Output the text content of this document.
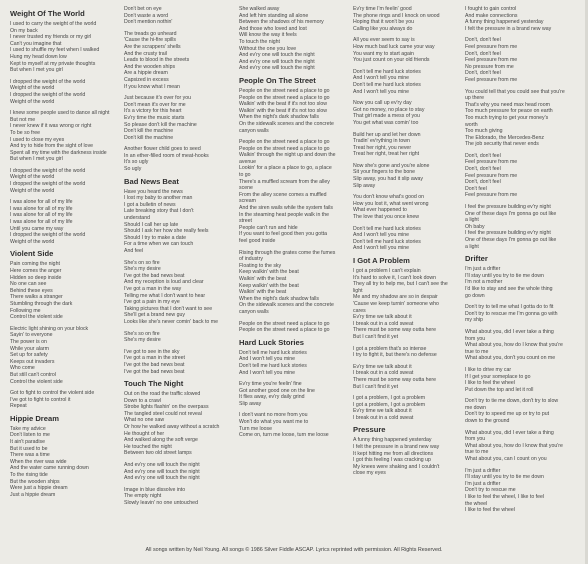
Weight Of The World
I used to carry the weight of the world
On my back
I never trusted my friends or my girl
Can't you imagine that
I used to shuffle my feet when I walked
Hung my head down low
Kept to myself at my private thoughts
But when I met you girl
I dropped the weight of the world
Weight of the world
I dropped the weight of the world
Weight of the world
I knew some people used to dance all night
But not me
I never knew if it was wrong or right
To be so free
I used to close my eyes
And try to hide from the sight of love
Spent all my time with the darkness inside
But when I met you girl
I dropped the weight of the world
Weight of the world
I dropped the weight of the world
Weight of the world
I was alone for all of my life
I was alone for all of my life
I was alone for all of my life
I was alone for all of my life
Until you came my way
I dropped the weight of the world
Weight of the world
Violent Side
Pain coming the night
Here comes the anger
Hidden so deep inside
No one can see
Behind these eyes
There walks a stranger
Stumbling through the dark
Following me
Control the violent side
Electric light shining on your block
Sayin' to everyone
The power is on
While your alarm
Set up for safety
Keeps out invaders
Who come
But still can't control
Control the violent side
Got to fight to control the violent side
I've got to fight to control it
Repeat
Hippie Dream
Take my advice
Don't listen to me
It ain't paradise
But it used to be
There was a time
When the river was wide
And the water came running down
To the rising tide
But the wooden ships
Were just a hippie dream
Just a hippie dream
Don't bet on eye
Don't waste a word
Don't mention nothin'
The treads go unheard
'Cause the hi-fire spills
Are the scrappers' shells
And the crusty trail
Leads to blood in the streets
And the wooden ships
Are a hippie dream
Capsized in excess
If you know what I mean
Just because it's over for you
Don't mean it's over for me
It's a victory for this heart
Ev'ry time the music starts
So please don't kill the machine
Don't kill the machine
Don't kill the machine
Another flower child goes to seed
In an ether-filled room of meat-hooks
It's so ugly
So ugly
Bad News Beat
Have you heard the news
I lost my baby to another man
I got a bulletin of news
Late breaking story that I don't
understand
Should I call her up late
Should I ask her how she really feels
Should I try to make a date
For a time when we can touch
And feel
She's on so fire
She's my desire
I've got the bad news beat
And my reception is loud and clear
I've got a man in the way
Telling me what I don't want to hear
I've got a pain in my eye
Taking pictures that I don't want to see
She'll get a brand new guy
Looks like she's never comin' back to me
She's so on fire
She's my desire
I've got to see in the sky
I've got a man in the street
I've got the bad news beat
I've got the bad news beat
Touch The Night
Out on the road the traffic slowed
Down to a crawl
Strobe lights flashin' on the overpass
The tangled steel could not reveal
What no one saw
Or how he walked away without a scratch
He thought of her
And walked along the soft verge
He touched the night
Between two old street lamps
And ev'ry one will touch the night
And ev'ry one will touch the night
And ev'ry one will touch the night
Image in blue dissolve into
The empty night
Slowly leavin' no one untouched
She walked away
And left him standing all alone
Between the shadows of his memory
And those who loved and lost
Will know the way it feels
To touch the night
Without the one you love
And ev'ry one will touch the night
And ev'ry one will touch the night
And ev'ry one will touch the night
People On The Street
People on the street need a place to go
People on the street need a place to go
Walkin' with the beat if it's not too slow
Walkin' with the beat if it's not too slow
When the night's dark shadow falls
On the sidewalk scenes and the concrete
canyon walls
People on the street need a place to go
People on the street need a place to go
Walkin' through the night up and down the
avenue
Lookin' for a place a place to go, a place
to go
There's a muffled scream from the alley
scene
From the alley scene comes a muffled
scream
And the siren wails while the system fails
In the steaming heat people walk in the
street
People can't run and hide
If you want to feel good then you gotta
feel good inside
Rising through the grates come the fumes
of industry
Floating to the sky
Keep walkin' with the beat
Walkin' with the beat
Keep walkin' with the beat
Walkin' with the beat
When the night's dark shadow falls
On the sidewalk scenes and the concrete
canyon walls
People on the street need a place to go
People on the street need a place to go
Hard Luck Stories
Don't tell me hard luck stories
And I won't tell you mine
Don't tell me hard luck stories
And I won't tell you mine
Ev'ry time you're feelin' fine
Got another good one on the line
It flies away, ev'ry daily grind
Slip away
I don't want no more from you
Won't do what you want me to
Turn me loose
Come on, turn me loose, turn me loose
Ev'ry time I'm feelin' good
The phone rings and I knock on wood
Hoping that it won't be you
Calling like you always do
All you ever seem to say is
How much bad luck came your way
You want my to start again
You just count on your old friends
Don't tell me hard luck stories
And I won't tell you mine
Don't tell me hard luck stories
And I won't tell you mine
Now you call up ev'ry day
Got no money, no place to stay
That girl made a mess of you
You get what was comin' too
Build her up and let her down
Tradin' ev'rything in town
Treat her right, you never
Treat her right, treat her right
Now she's gone and you're alone
Sit your fingers to the bone
Slip away, you had it slip away
Slip away
You don't know what's good on
How you lost it, what went wrong
What ever happened to
The love that you once knew
Don't tell me hard luck stories
And I won't tell you mine
Don't tell me hard luck stories
And I won't tell you mine
I Got A Problem
I got a problem I can't explain
It's hard to solve it, I can't look down
They all try to help me, but I can't see the
light
Me and my shadow are so in despair
'Cause we keep turnin' someone who
cares
Ev'ry time we talk about it
I break out in a cold sweat
There must be some way outta here
But I can't find it yet
I got a problem that's so intense
I try to fight it, but there's no defense
Ev'ry time we talk about it
I break out in a cold sweat
There must be some way outta here
But I can't find it yet
I got a problem, I got a problem
I got a problem, I got a problem
Ev'ry time we talk about it
I break out in a cold sweat
Pressure
A funny thing happened yesterday
I felt the pressure in a brand new way
It kept hitting me from all directions
I got this feeling I was cracking up
My knees were shaking and I couldn't
close my eyes
I fought to gain control
And make connections
A funny thing happened yesterday
I felt the pressure in a brand new way
Don't, don't feel
Feel pressure from me
Don't, don't feel
Feel pressure from me
No pressure from me
Don't, don't feel
Feel pressure from me
You could tell that you could see that you're
up there
That's why you need max head room
Too much pressure for peace on earth
Too much trying to get your money's
worth
Too much giving
The Eldorado, the Mercedes-Benz
The job security that never ends
Don't, don't feel
Feel pressure from me
Don't, don't feel
Feel pressure from me
Don't, don't feel
Don't feel
Feel pressure from me
I feel the pressure building ev'ry night
One of these days I'm gonna go out like
a light
Oh baby
I feel the pressure building ev'ry night
One of these days I'm gonna go out like
a light
Drifter
I'm just a drifter
I'll stay until you try to tie me down
I'm not a mother
I'd like to stay and see the whole thing
go down
Don't try to tell me what I gotta do to fit
Don't try to rescue me I'm gonna go with
my ship
What about you, did I ever take a thing
from you
What about you, how do I know that you're
true to me
What about you, don't you count on me
I like to drive my car
If I get your someplace to go
I like to feel the wheel
Put down the top and let it roll
Don't try to tie me down, don't try to slow
me down
Don't try to speed me up or try to put
down to the ground
What about you, did I ever take a thing
from you
What about you, how do I know that you're
true to me
What about you, can I count on you
I'm just a drifter
I'll stay until you try to tie me down
I'm just a drifter
Don't try to rescue me
I like to feel the wheel, I like to feel
the wheel
I like to feel the wheel
All songs written by Neil Young. All songs © 1986 Silver Fiddle ASCAP. Lyrics reprinted with permission. All Rights Reserved.
